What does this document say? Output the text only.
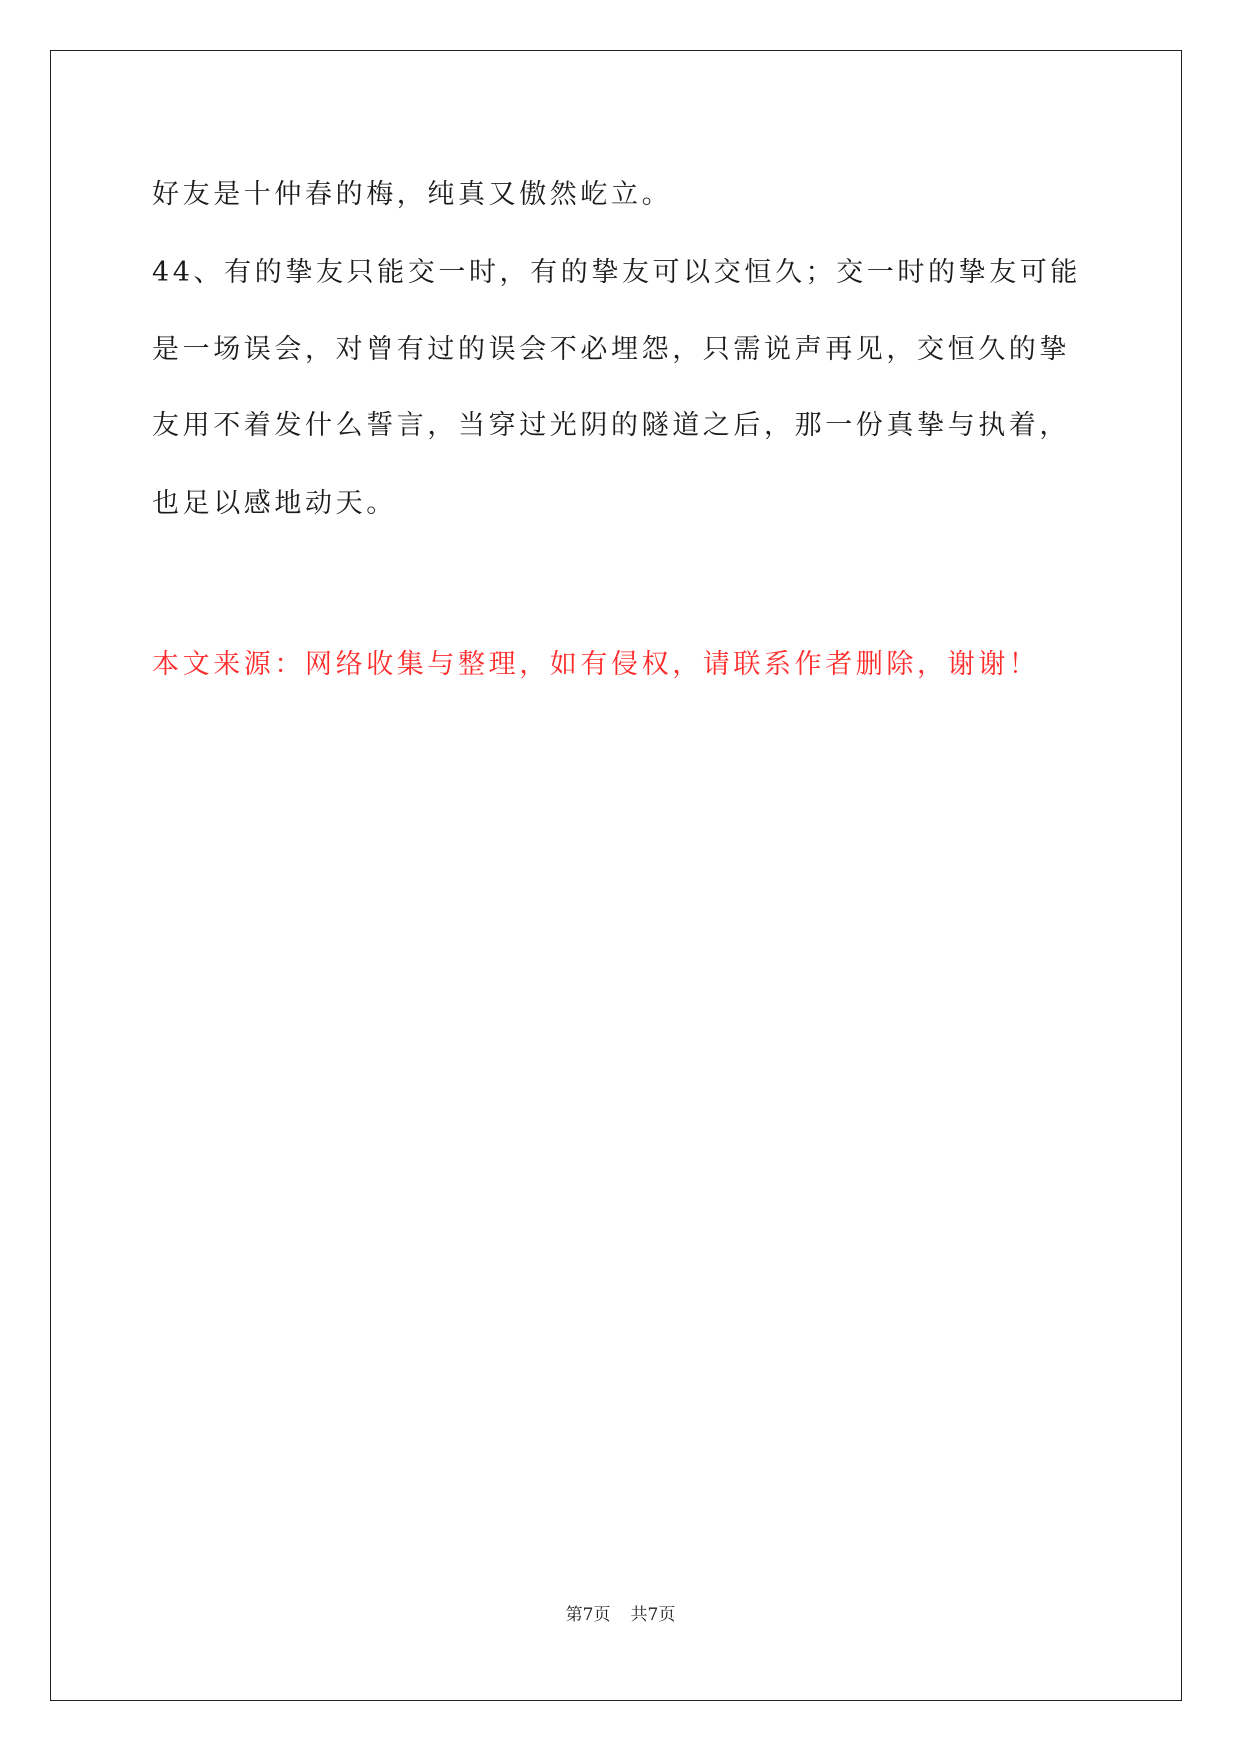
好友是十仲春的梅，纯真又傲然屹立。
44、有的挚友只能交一时，有的挚友可以交恒久；交一时的挚友可能
是一场误会，对曾有过的误会不必埋怨，只需说声再见，交恒久的挚
友用不着发什么誓言，当穿过光阴的隧道之后，那一份真挚与执着，
也足以感地动天。
本文来源：网络收集与整理，如有侵权，请联系作者删除，谢谢！
第7页 共7页
